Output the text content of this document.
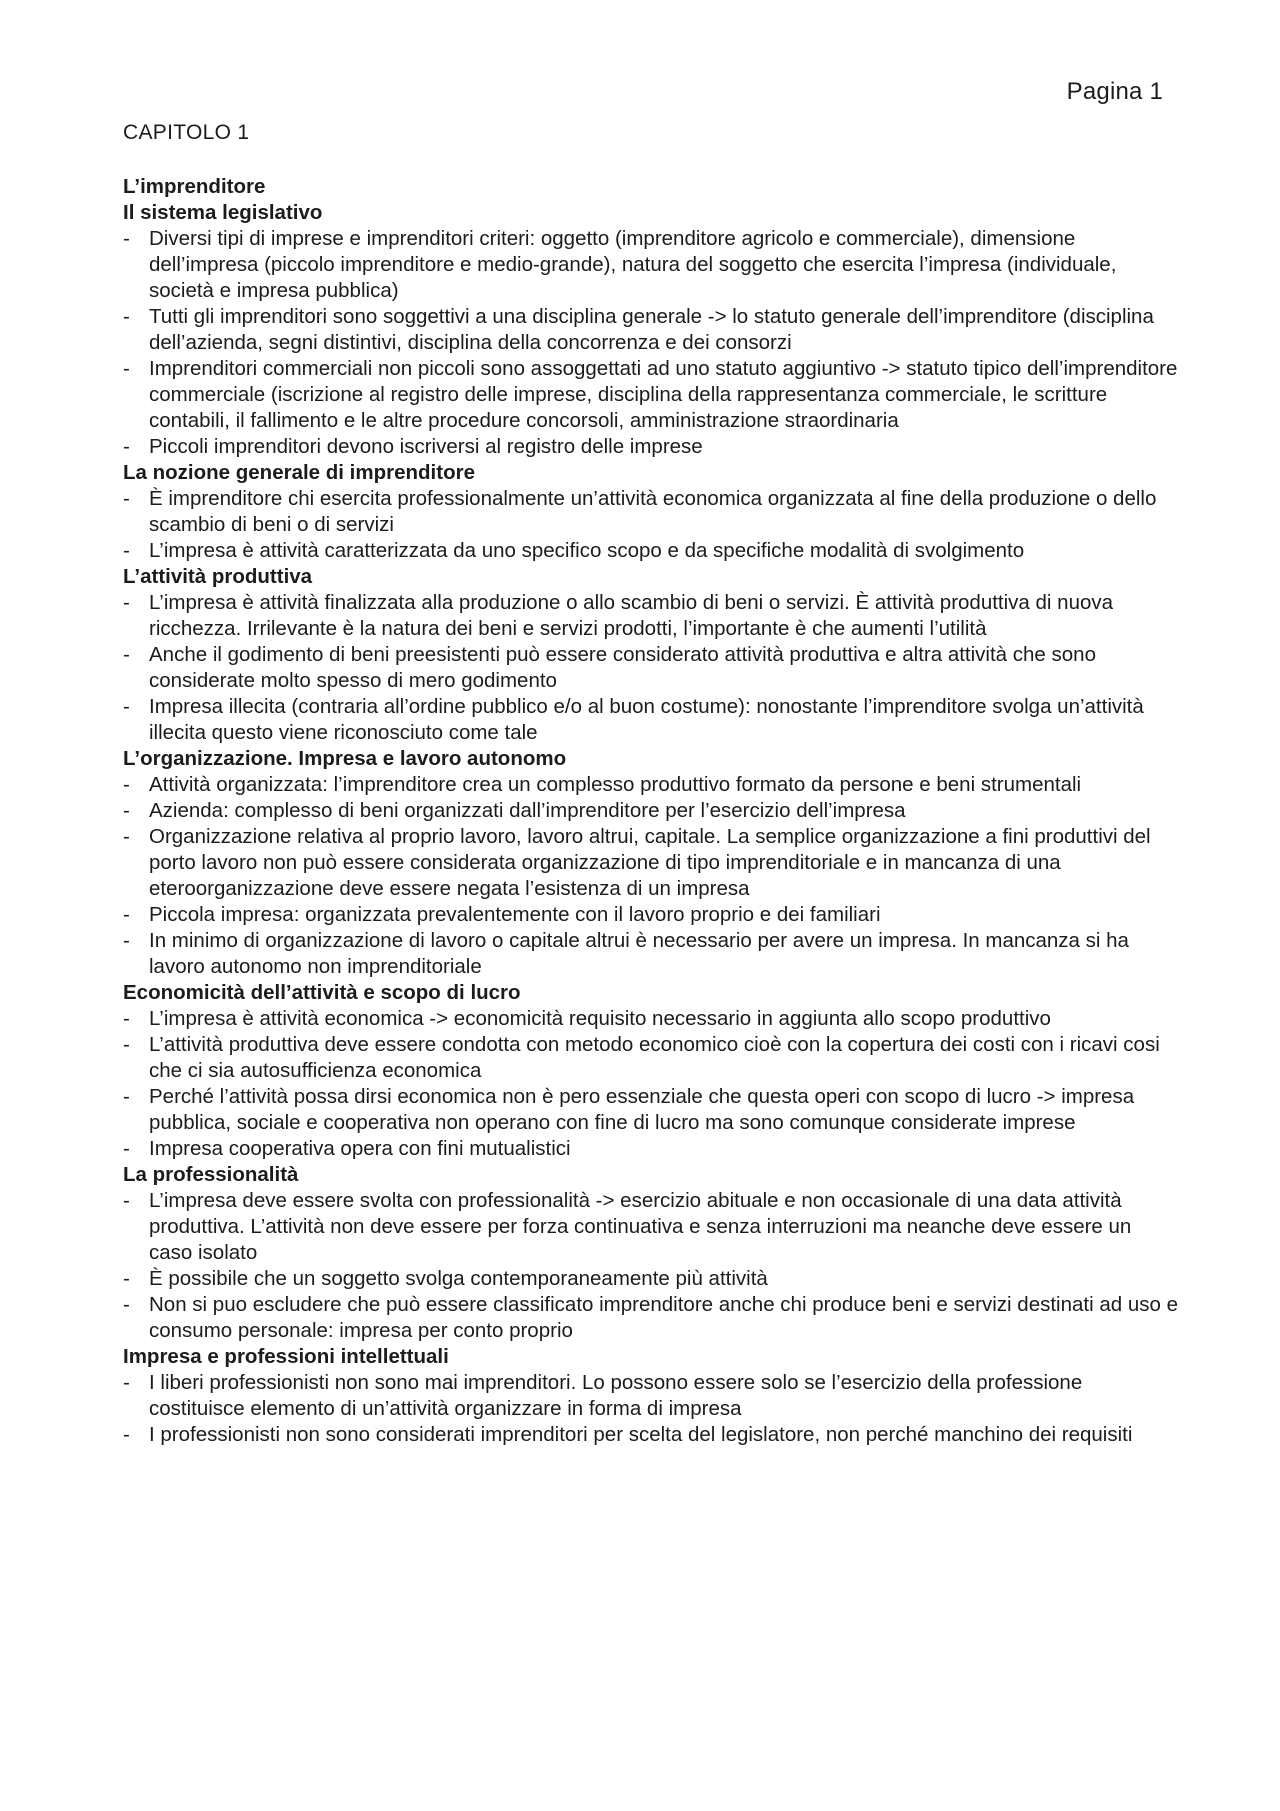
Pagina 1
CAPITOLO 1
L’imprenditore
Il sistema legislativo
- Diversi tipi di imprese e imprenditori criteri: oggetto (imprenditore agricolo e commerciale), dimensione dell’impresa (piccolo imprenditore e medio-grande), natura del soggetto che esercita l’impresa (individuale, società e impresa pubblica)
- Tutti gli imprenditori sono soggettivi a una disciplina generale -> lo statuto generale dell’imprenditore (disciplina dell’azienda, segni distintivi, disciplina della concorrenza e dei consorzi
- Imprenditori commerciali non piccoli sono assoggettati ad uno statuto aggiuntivo -> statuto tipico dell’imprenditore commerciale (iscrizione al registro delle imprese, disciplina della rappresentanza commerciale, le scritture contabili, il fallimento e le altre procedure concorsoli, amministrazione straordinaria
- Piccoli imprenditori devono iscriversi al registro delle imprese
La nozione generale di imprenditore
- È imprenditore chi esercita professionalmente un’attività economica organizzata al fine della produzione o dello scambio di beni o di servizi
- L’impresa è attività caratterizzata da uno specifico scopo e da specifiche modalità di svolgimento
L’attività produttiva
- L’impresa è attività finalizzata alla produzione o allo scambio di beni o servizi. È attività produttiva di nuova ricchezza. Irrilevante è la natura dei beni e servizi prodotti, l’importante è che aumenti l’utilità
- Anche il godimento di beni preesistenti può essere considerato attività produttiva e altra attività che sono considerate molto spesso di mero godimento
- Impresa illecita (contraria all’ordine pubblico e/o al buon costume): nonostante l’imprenditore svolga un’attività illecita questo viene riconosciuto come tale
L’organizzazione. Impresa e lavoro autonomo
- Attività organizzata: l’imprenditore crea un complesso produttivo formato da persone e beni strumentali
- Azienda: complesso di beni organizzati dall’imprenditore per l’esercizio dell’impresa
- Organizzazione relativa al proprio lavoro, lavoro altrui, capitale. La semplice organizzazione a fini produttivi del porto lavoro non può essere considerata organizzazione di tipo imprenditoriale e in mancanza di una eteroorganizzazione deve essere negata l’esistenza di un impresa
- Piccola impresa: organizzata prevalentemente con il lavoro proprio e dei familiari
- In minimo di organizzazione di lavoro o capitale altrui è necessario per avere un impresa. In mancanza si ha lavoro autonomo non imprenditoriale
Economicità dell’attività e scopo di lucro
- L’impresa è attività economica -> economicità requisito necessario in aggiunta allo scopo produttivo
- L’attività produttiva deve essere condotta con metodo economico cioè con la copertura dei costi con i ricavi cosi che ci sia autosufficienza economica
- Perché l’attività possa dirsi economica non è pero essenziale che questa operi con scopo di lucro -> impresa pubblica, sociale e cooperativa non operano con fine di lucro ma sono comunque considerate imprese
- Impresa cooperativa opera con fini mutualistici
La professionalità
- L’impresa deve essere svolta con professionalità -> esercizio abituale e non occasionale di una data attività produttiva. L’attività non deve essere per forza continuativa e senza interruzioni ma neanche deve essere un caso isolato
- È possibile che un soggetto svolga contemporaneamente più attività
- Non si puo escludere che può essere classificato imprenditore anche chi produce beni e servizi destinati ad uso e consumo personale: impresa per conto proprio
Impresa e professioni intellettuali
- I liberi professionisti non sono mai imprenditori. Lo possono essere solo se l’esercizio della professione costituisce elemento di un’attività organizzare in forma di impresa
- I professionisti non sono considerati imprenditori per scelta del legislatore, non perché manchino dei requisiti
